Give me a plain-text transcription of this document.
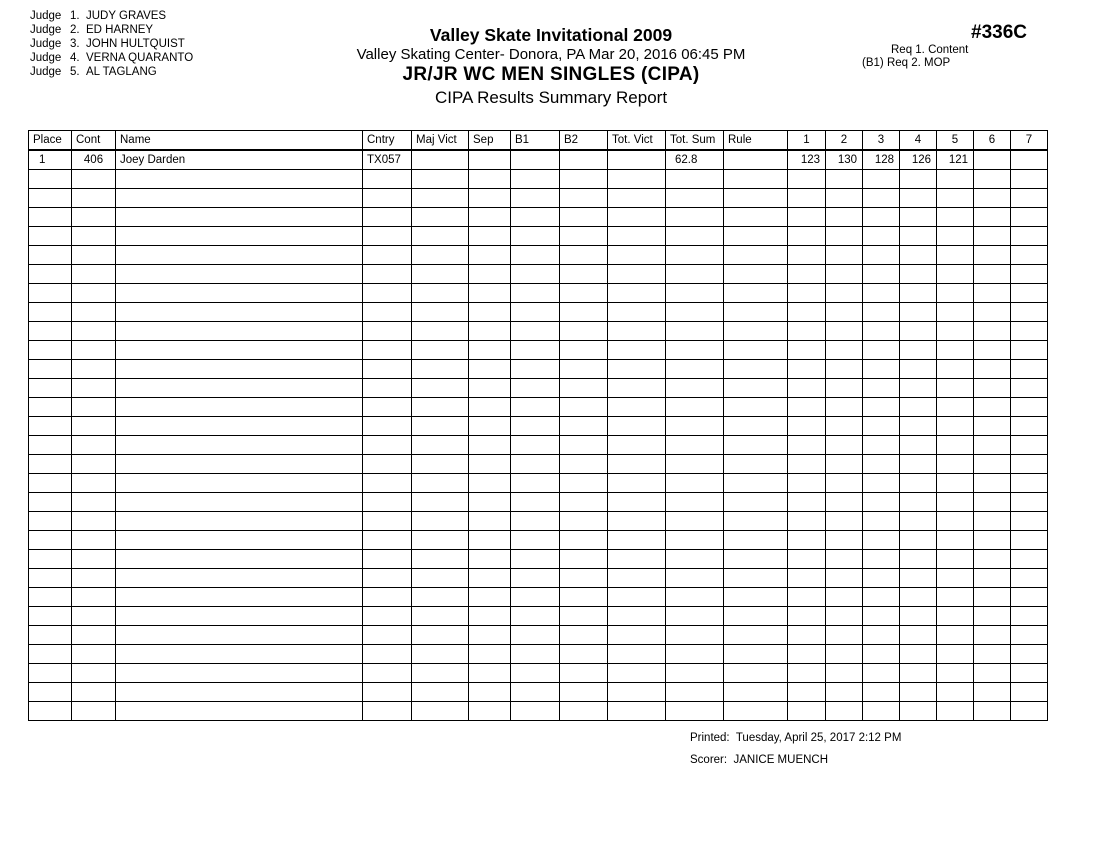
Judge 1. JUDY GRAVES
Judge 2. ED HARNEY
Judge 3. JOHN HULTQUIST
Judge 4. VERNA QUARANTO
Judge 5. AL TAGLANG
Valley Skate Invitational 2009
Valley Skating Center- Donora, PA Mar 20, 2016 06:45 PM
JR/JR WC MEN SINGLES (CIPA)
CIPA Results Summary Report
#336C
Req 1. Content
(B1) Req 2. MOP
Place	Cont	Name	Cntry	Maj Vict	Sep	B1	B2	Tot. Vict	Tot. Sum	Rule	1	2	3	4	5	6	7
1	406	Joey Darden	TX057						62.8		123	130	128	126	121		

Printed: Tuesday, April 25, 2017 2:12 PM
Scorer: JANICE MUENCH
